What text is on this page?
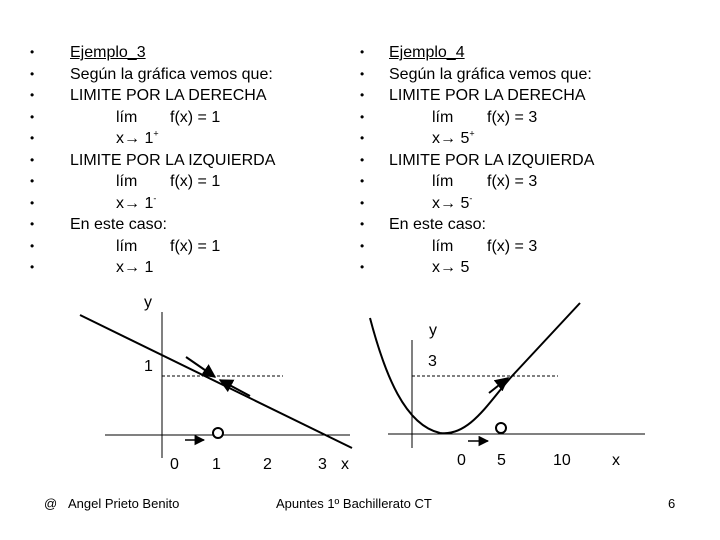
• Ejemplo_3
• Según la gráfica vemos que:
• LIMITE POR LA DERECHA
•	lím f(x) = 1
•	x→ 1+
• LIMITE POR LA IZQUIERDA
•	lím f(x) = 1
•	x→ 1-
• En este caso:
•	lím f(x) = 1
•	x→ 1
• Ejemplo_4
• Según la gráfica vemos que:
• LIMITE POR LA DERECHA
•	lím f(x) = 3
•	x→ 5+
• LIMITE POR LA IZQUIERDA
•	lím f(x) = 3
•	x→ 5-
• En este caso:
•	lím f(x) = 3
•	x→ 5
y
1
0 1	2	3 x
y
3
0 5	10	x
@ Angel Prieto Benito	Apuntes 1º Bachillerato CT	6
